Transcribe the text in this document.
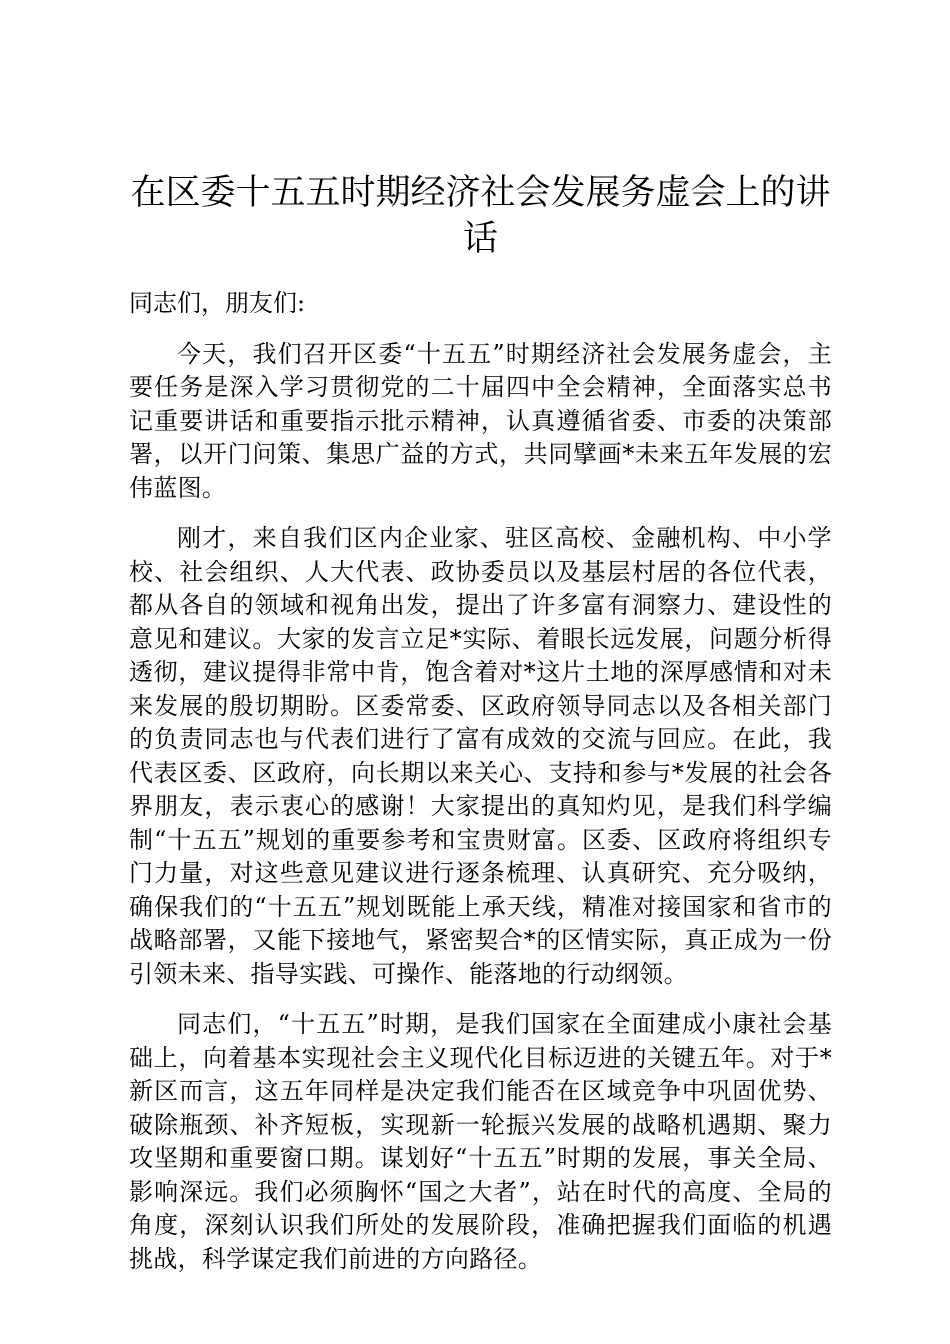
在区委十五五时期经济社会发展务虚会上的讲话

同志们，朋友们:

今天，我们召开区委“十五五”时期经济社会发展务虚会，主要任务是深入学习贯彻党的二十届四中全会精神，全面落实总书记重要讲话和重要指示批示精神，认真遵循省委、市委的决策部署，以开门问策、集思广益的方式，共同擘画*未来五年发展的宏伟蓝图。

刚才，来自我们区内企业家、驻区高校、金融机构、中小学校、社会组织、人大代表、政协委员以及基层村居的各位代表，都从各自的领域和视角出发，提出了许多富有洞察力、建设性的意见和建议。大家的发言立足*实际、着眼长远发展，问题分析得透彻，建议提得非常中肯，饱含着对*这片土地的深厚感情和对未来发展的殷切期盼。区委常委、区政府领导同志以及各相关部门的负责同志也与代表们进行了富有成效的交流与回应。在此，我代表区委、区政府，向长期以来关心、支持和参与*发展的社会各界朋友，表示衷心的感谢！大家提出的真知灼见，是我们科学编制“十五五”规划的重要参考和宝贵财富。区委、区政府将组织专门力量，对这些意见建议进行逐条梳理、认真研究、充分吸纳，确保我们的“十五五”规划既能上承天线，精准对接国家和省市的战略部署，又能下接地气，紧密契合*的区情实际，真正成为一份引领未来、指导实践、可操作、能落地的行动纲领。

同志们，“十五五”时期，是我们国家在全面建成小康社会基础上，向着基本实现社会主义现代化目标迈进的关键五年。对于*新区而言，这五年同样是决定我们能否在区域竞争中巩固优势、破除瓶颈、补齐短板，实现新一轮振兴发展的战略机遇期、聚力攻坚期和重要窗口期。谋划好“十五五”时期的发展，事关全局、影响深远。我们必须胸怀“国之大者”，站在时代的高度、全局的角度，深刻认识我们所处的发展阶段，准确把握我们面临的机遇挑战，科学谋定我们前进的方向路径。
